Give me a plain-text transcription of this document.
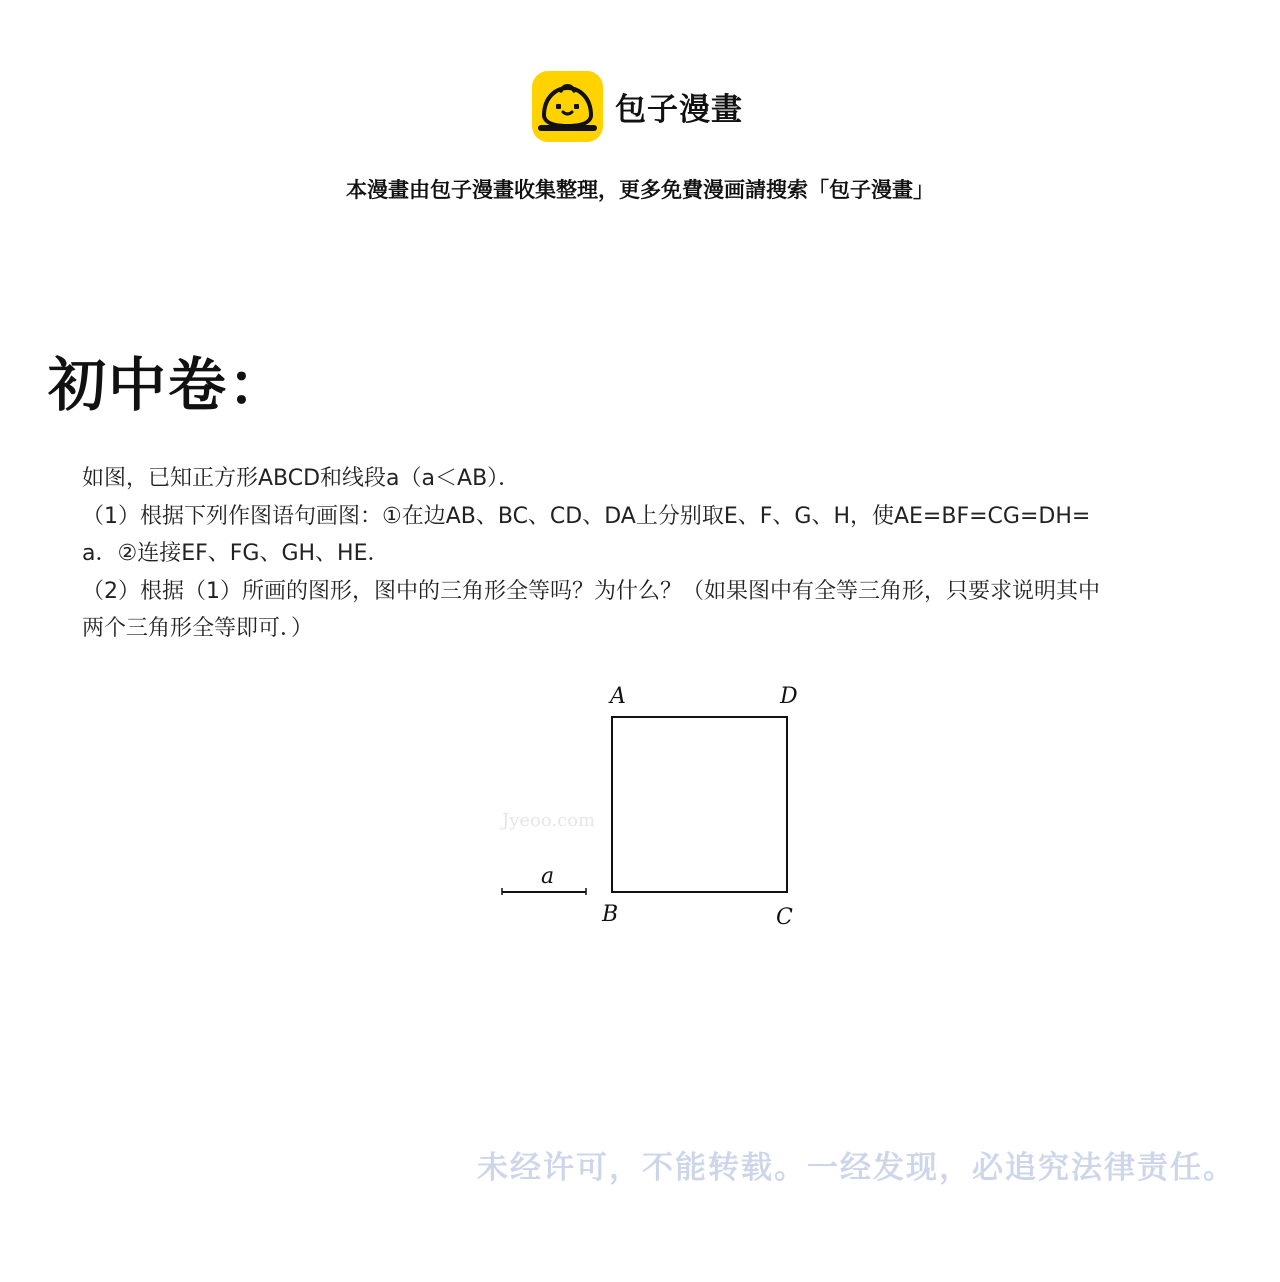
包子漫畫
本漫畫由包子漫畫收集整理，更多免費漫画請搜索「包子漫畫」
初中卷：

如图，已知正方形ABCD和线段a（a＜AB）．

（1）根据下列作图语句画图：①在边AB、BC、CD、DA上分别取E、F、G、H，使AE=BF=CG=DH=

a．②连接EF、FG、GH、HE．

（2）根据（1）所画的图形，图中的三角形全等吗？为什么？（如果图中有全等三角形，只要求说明其中

两个三角形全等即可．）

Jyeoo.com
A	D
B	C
a
未经许可，不能转载。一经发现，必追究法律责任。
